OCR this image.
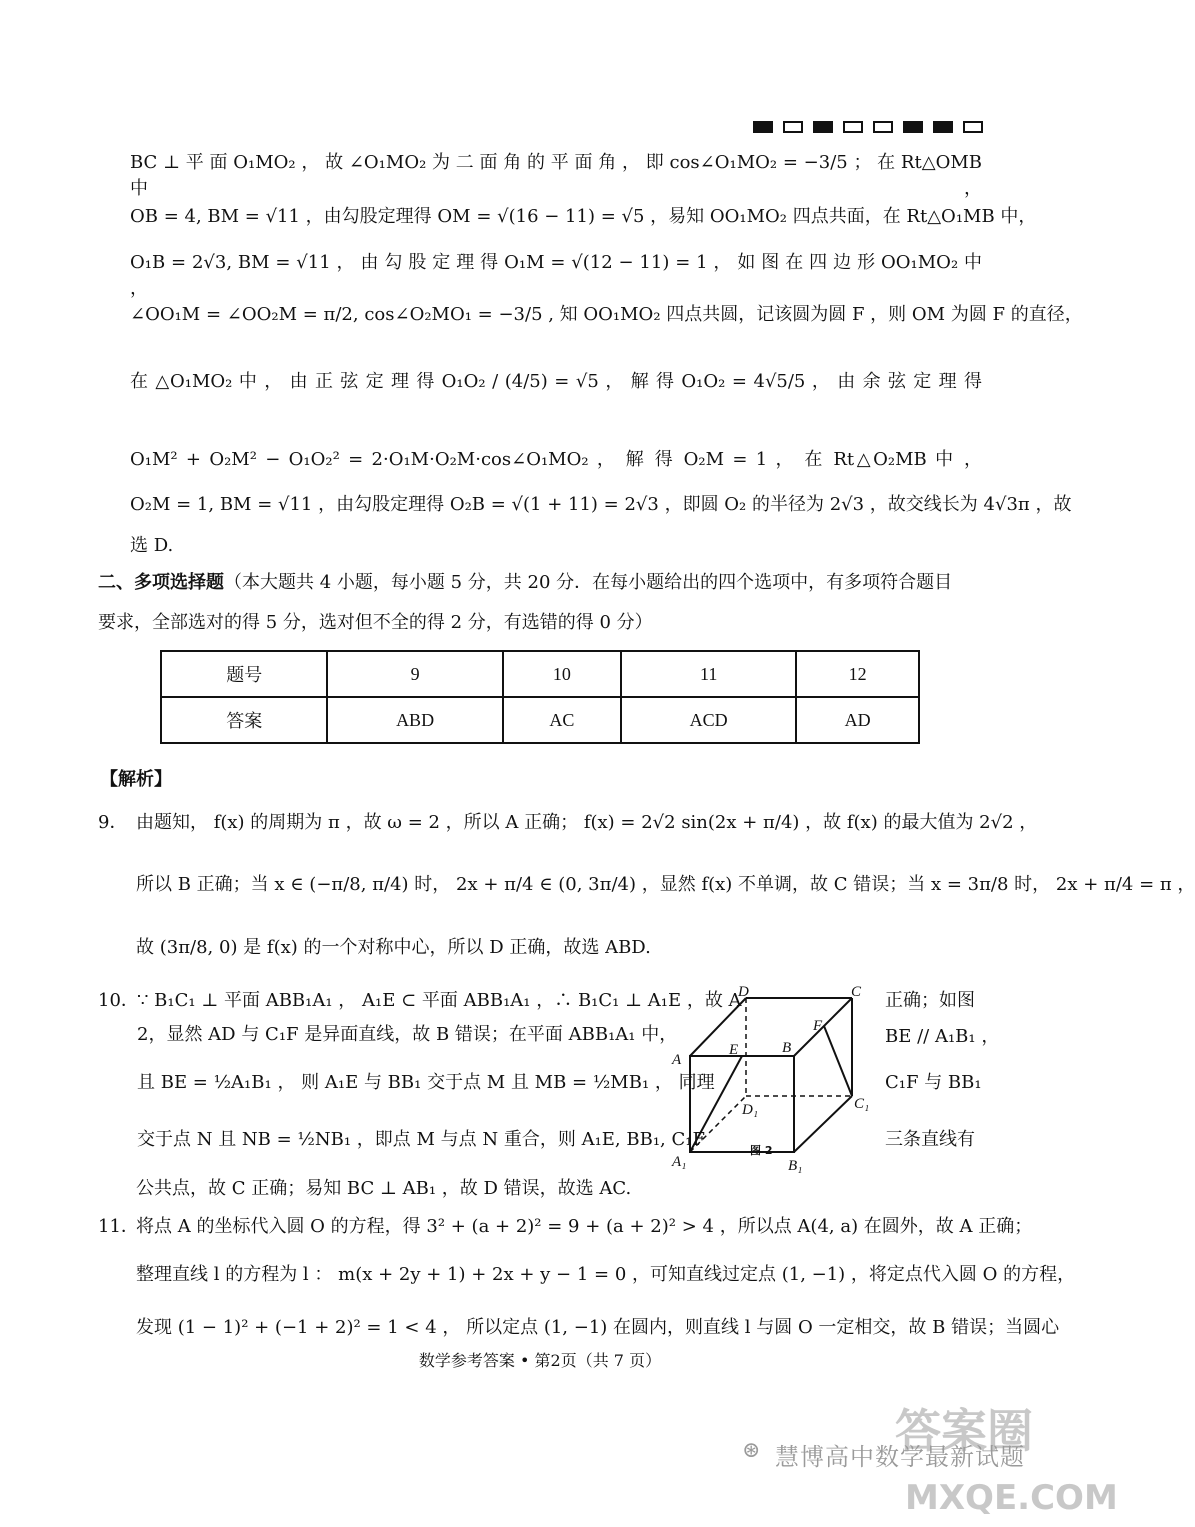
BC ⊥ 平 面 O₁MO₂ ， 故 ∠O₁MO₂ 为 二 面 角 的 平 面 角 ， 即 cos∠O₁MO₂ = −3/5 ； 在 Rt△OMB 中 ，
OB = 4, BM = √11 ，由勾股定理得 OM = √(16 − 11) = √5 ，易知 OO₁MO₂ 四点共面，在 Rt△O₁MB 中，
O₁B = 2√3, BM = √11 ， 由 勾 股 定 理 得 O₁M = √(12 − 11) = 1 ， 如 图 在 四 边 形 OO₁MO₂ 中 ，
∠OO₁M = ∠OO₂M = π/2, cos∠O₂MO₁ = −3/5 , 知 OO₁MO₂ 四点共圆，记该圆为圆 F ，则 OM 为圆 F 的直径，
在 △O₁MO₂ 中 ， 由 正 弦 定 理 得 O₁O₂ / (4/5) = √5 ， 解 得 O₁O₂ = 4√5/5 ， 由 余 弦 定 理 得
O₁M² + O₂M² − O₁O₂² = 2·O₁M·O₂M·cos∠O₁MO₂ ， 解 得 O₂M = 1 ， 在 Rt△O₂MB 中 ，
O₂M = 1, BM = √11 ，由勾股定理得 O₂B = √(1 + 11) = 2√3 ，即圆 O₂ 的半径为 2√3 ，故交线长为 4√3π ，故
选 D.
二、多项选择题（本大题共 4 小题，每小题 5 分，共 20 分．在每小题给出的四个选项中，有多项符合题目
要求，全部选对的得 5 分，选对但不全的得 2 分，有选错的得 0 分）
题号	9	10	11	12
答案	ABD	AC	ACD	AD
【解析】
9． 由题知， f(x) 的周期为 π ，故 ω = 2 ，所以 A 正确； f(x) = 2√2 sin(2x + π/4) ，故 f(x) 的最大值为 2√2 ，
所以 B 正确；当 x ∈ (−π/8, π/4) 时， 2x + π/4 ∈ (0, 3π/4) ，显然 f(x) 不单调，故 C 错误；当 x = 3π/8 时， 2x + π/4 = π ，
故 (3π/8, 0) 是 f(x) 的一个对称中心，所以 D 正确，故选 ABD.
10．
∵ B₁C₁ ⊥ 平面 ABB₁A₁ ， A₁E ⊂ 平面 ABB₁A₁ ，∴ B₁C₁ ⊥ A₁E ，故 A
2，显然 AD 与 C₁F 是异面直线，故 B 错误；在平面 ABB₁A₁ 中，
且 BE = ½A₁B₁ ， 则 A₁E 与 BB₁ 交于点 M 且 MB = ½MB₁ ， 同理
交于点 N 且 NB = ½NB₁ ，即点 M 与点 N 重合，则 A₁E, BB₁, C₁F
正确；如图
BE // A₁B₁ ，
C₁F 与 BB₁
三条直线有
公共点，故 C 正确；易知 BC ⊥ AB₁ ，故 D 错误，故选 AC.
D	C
F
A
E	B
D₁	C₁
A₁	B₁
图 2
11．
将点 A 的坐标代入圆 O 的方程，得 3² + (a + 2)² = 9 + (a + 2)² > 4 ，所以点 A(4, a) 在圆外，故 A 正确；
整理直线 l 的方程为 l ： m(x + 2y + 1) + 2x + y − 1 = 0 ，可知直线过定点 (1, −1) ，将定点代入圆 O 的方程，
发现 (1 − 1)² + (−1 + 2)² = 1 < 4 ， 所以定点 (1, −1) 在圆内，则直线 l 与圆 O 一定相交，故 B 错误；当圆心
数学参考答案 • 第2页（共 7 页）
答案圈
⊛ 慧博高中数学最新试题
MXQE.COM
